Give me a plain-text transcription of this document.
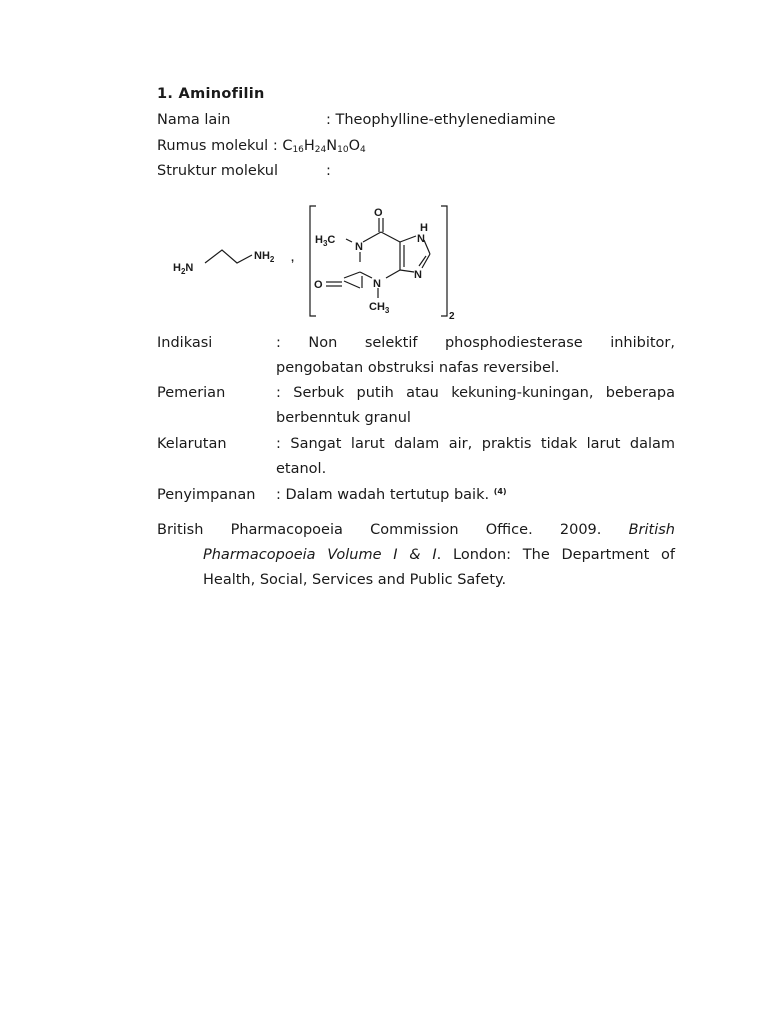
1. Aminofilin
Nama lain	: Theophylline-ethylenediamine
Rumus molekul : $C_{16}H_{24}N_{10}O_4$
Struktur molekul	:
$H_2N$
$NH_2$ ,
2
O
$H_3C$
N
O	N
$CH_3$
N
H
N
Indikasi	: Non selektif phosphodiesterase inhibitor,
pengobatan obstruksi nafas reversibel.
Pemerian	: Serbuk putih atau kekuning-kuningan, beberapa
berbenntuk granul
Kelarutan	: Sangat larut dalam air, praktis tidak larut dalam
etanol.
Penyimpanan : Dalam wadah tertutup baik. $^{(4)}$
British Pharmacopoeia Commission Office. 2009. British
Pharmacopoeia Volume I & I. London: The Department of
Health, Social, Services and Public Safety.
